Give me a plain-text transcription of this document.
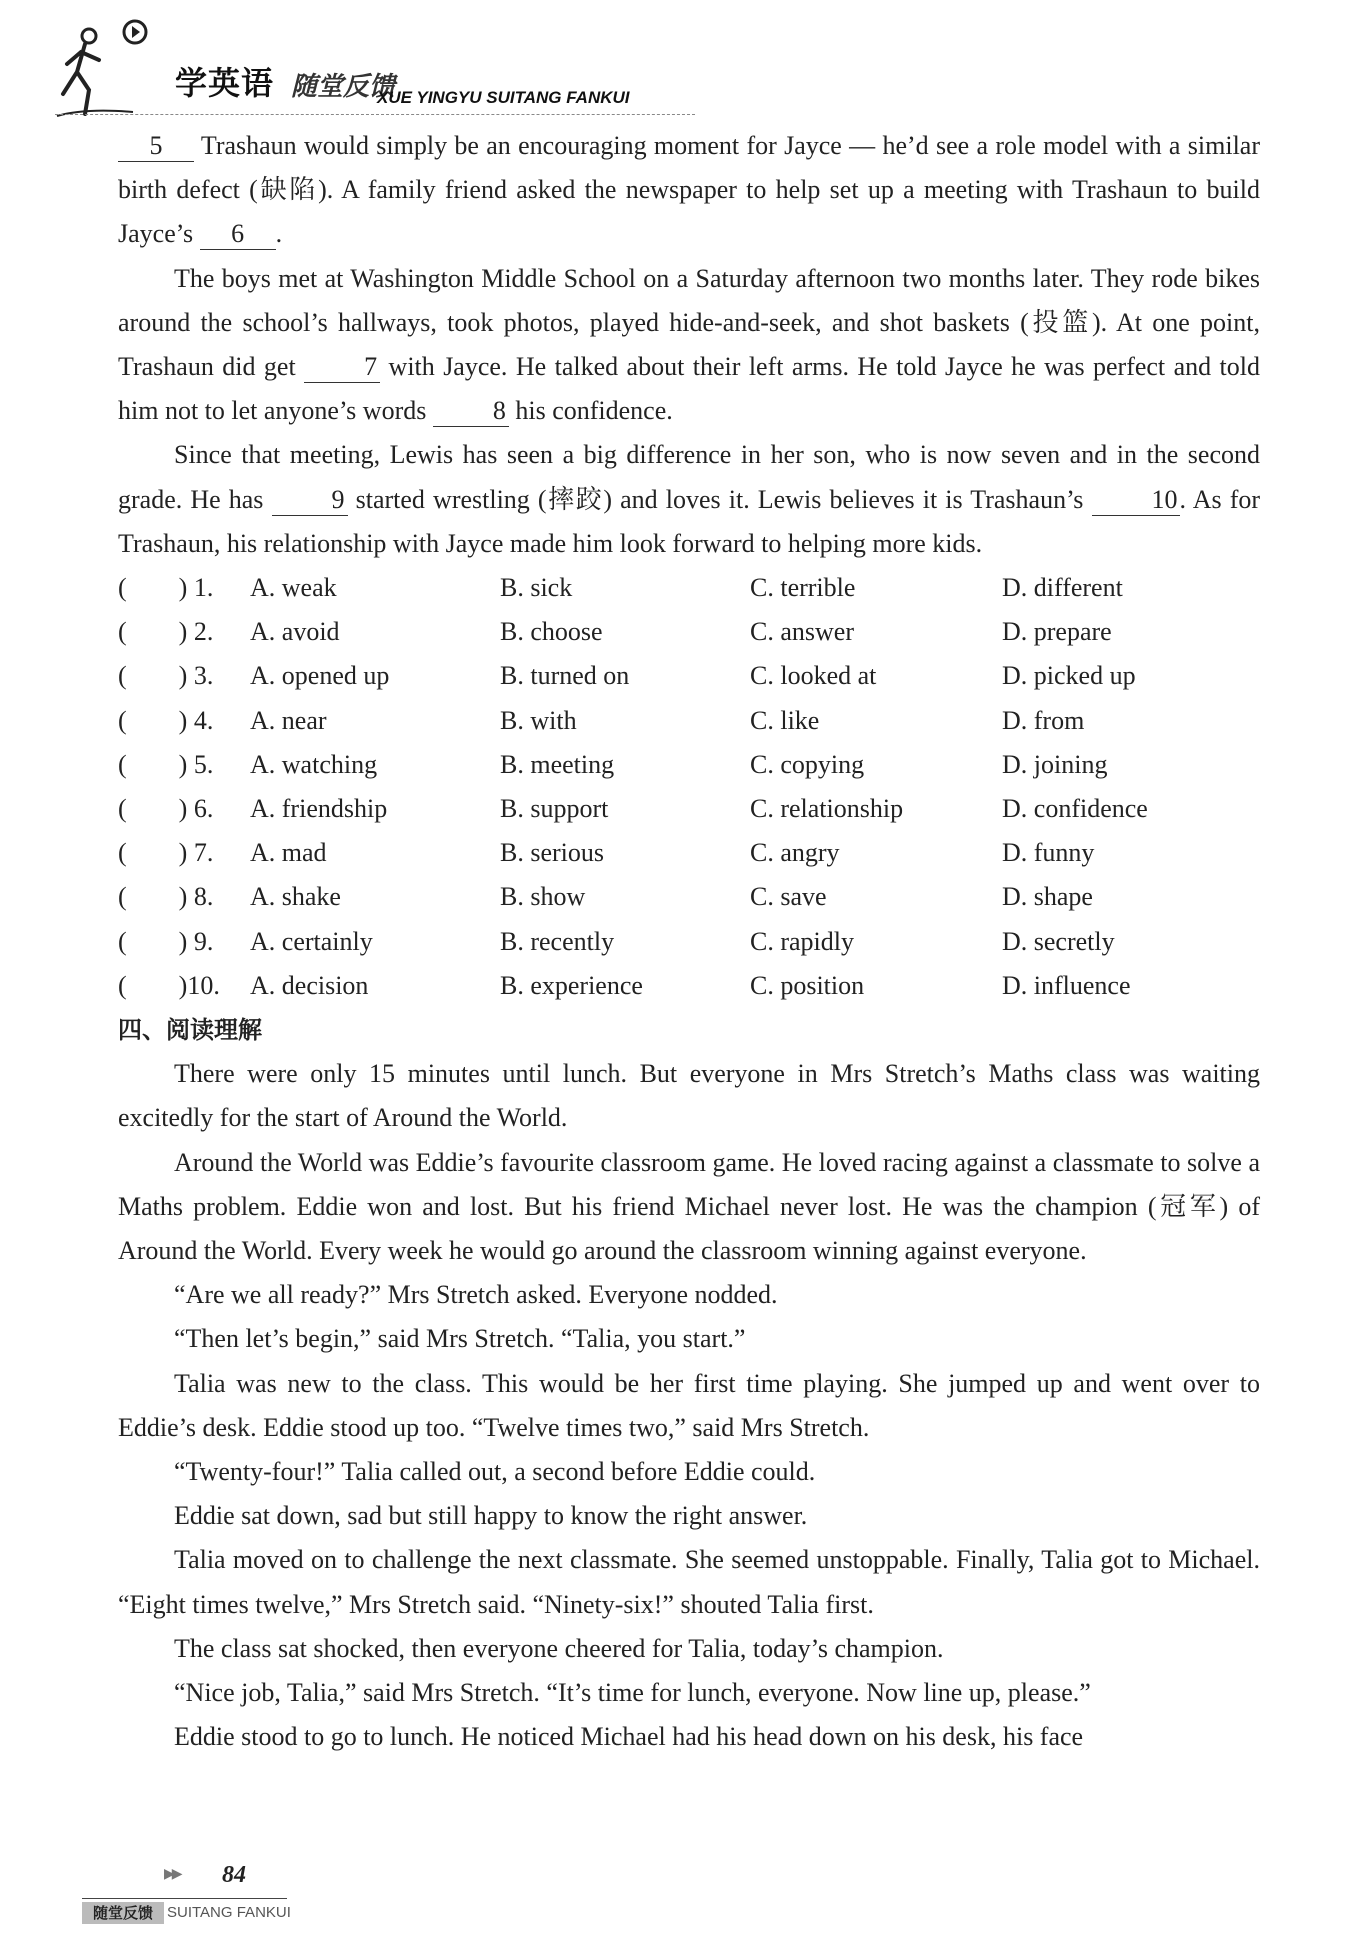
学英语 随堂反馈
XUE YINGYU SUITANG FANKUI

5 Trashaun would simply be an encouraging moment for Jayce — he’d see a role model with a similar birth defect (缺陷). A family friend asked the newspaper to help set up a meeting with Trashaun to build Jayce’s 6 .

The boys met at Washington Middle School on a Saturday afternoon two months later. They rode bikes around the school’s hallways, took photos, played hide-and-seek, and shot baskets (投篮). At one point, Trashaun did get 7 with Jayce. He talked about their left arms. He told Jayce he was perfect and told him not to let anyone’s words 8 his confidence.

Since that meeting, Lewis has seen a big difference in her son, who is now seven and in the second grade. He has 9 started wrestling (摔跤) and loves it. Lewis believes it is Trashaun’s 10. As for Trashaun, his relationship with Jayce made him look forward to helping more kids.

(　　) 1.	A. weak	B. sick	C. terrible	D. different
(　　) 2.	A. avoid	B. choose	C. answer	D. prepare
(　　) 3.	A. opened up	B. turned on	C. looked at	D. picked up
(　　) 4.	A. near	B. with	C. like	D. from
(　　) 5.	A. watching	B. meeting	C. copying	D. joining
(　　) 6.	A. friendship	B. support	C. relationship	D. confidence
(　　) 7.	A. mad	B. serious	C. angry	D. funny
(　　) 8.	A. shake	B. show	C. save	D. shape
(　　) 9.	A. certainly	B. recently	C. rapidly	D. secretly
(　　)10.	A. decision	B. experience	C. position	D. influence

四、阅读理解

There were only 15 minutes until lunch. But everyone in Mrs Stretch’s Maths class was waiting excitedly for the start of Around the World.

Around the World was Eddie’s favourite classroom game. He loved racing against a classmate to solve a Maths problem. Eddie won and lost. But his friend Michael never lost. He was the champion (冠军) of Around the World. Every week he would go around the classroom winning against everyone.

“Are we all ready?” Mrs Stretch asked. Everyone nodded.

“Then let’s begin,” said Mrs Stretch. “Talia, you start.”

Talia was new to the class. This would be her first time playing. She jumped up and went over to Eddie’s desk. Eddie stood up too. “Twelve times two,” said Mrs Stretch.

“Twenty-four!” Talia called out, a second before Eddie could.

Eddie sat down, sad but still happy to know the right answer.

Talia moved on to challenge the next classmate. She seemed unstoppable. Finally, Talia got to Michael. “Eight times twelve,” Mrs Stretch said. “Ninety-six!” shouted Talia first.

The class sat shocked, then everyone cheered for Talia, today’s champion.

“Nice job, Talia,” said Mrs Stretch. “It’s time for lunch, everyone. Now line up, please.”

Eddie stood to go to lunch. He noticed Michael had his head down on his desk, his face

▶▶ 84
随堂反馈 SUITANG FANKUI
